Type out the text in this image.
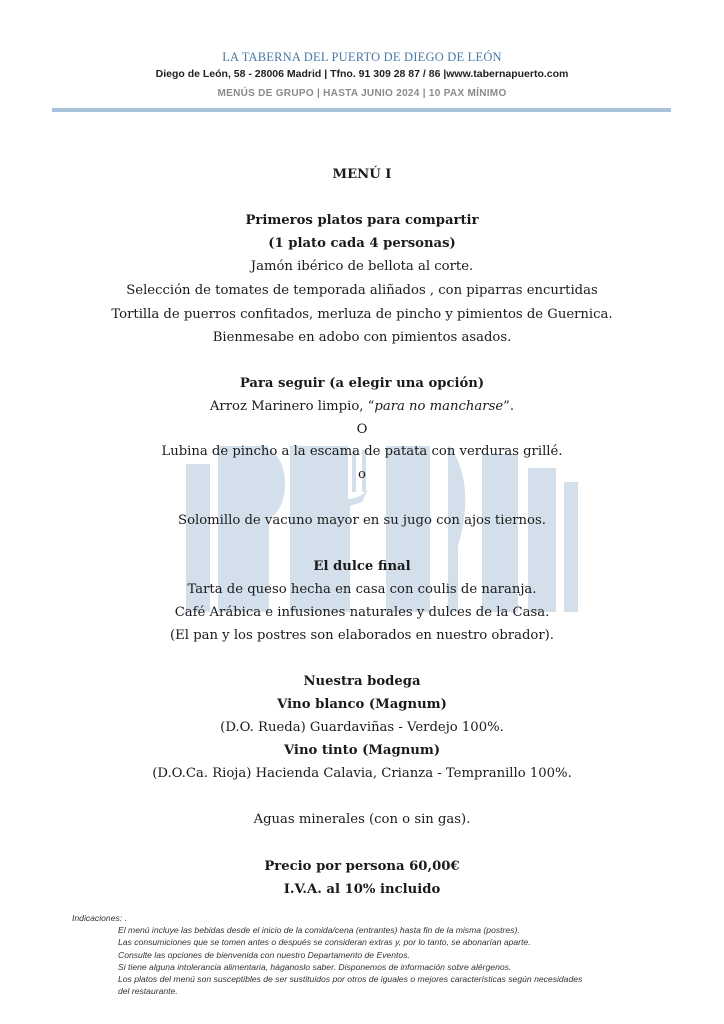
LA TABERNA DEL PUERTO DE DIEGO DE LEÓN
Diego de León, 58 - 28006 Madrid | Tfno. 91 309 28 87 / 86 |www.tabernapuerto.com
MENÚS DE GRUPO | HASTA JUNIO 2024 | 10 PAX MÍNIMO
MENÚ I
Primeros platos para compartir
(1 plato cada 4 personas)
Jamón ibérico de bellota al corte.
Selección de tomates de temporada aliñados , con piparras encurtidas
Tortilla de puerros confitados, merluza de pincho y pimientos de Guernica.
Bienmesabe en adobo con pimientos asados.
Para seguir (a elegir una opción)
Arroz Marinero limpio, “para no mancharse”.
O
Lubina de pincho a la escama de patata con verduras grillé.
o
Solomillo de vacuno mayor en su jugo con ajos tiernos.
El dulce final
Tarta de queso hecha en casa con coulis de naranja.
Café Arábica e infusiones naturales y dulces de la Casa.
(El pan y los postres son elaborados en nuestro obrador).
Nuestra bodega
Vino blanco (Magnum)
(D.O. Rueda) Guardaviñas - Verdejo 100%.
Vino tinto (Magnum)
(D.O.Ca. Rioja) Hacienda Calavia, Crianza - Tempranillo 100%.
Aguas minerales (con o sin gas).
Precio por persona 60,00€
I.V.A. al 10% incluido
Indicaciones: .
El menú incluye las bebidas desde el inicio de la comida/cena (entrantes) hasta fin de la misma (postres).
Las consumiciones que se tomen antes o después se consideran extras y, por lo tanto, se abonarían aparte.
Consulte las opciones de bienvenida con nuestro Departamento de Eventos.
Si tiene alguna intolerancia alimentaria, háganoslo saber. Disponemos de información sobre alérgenos.
Los platos del menú son susceptibles de ser sustituidos por otros de iguales o mejores características según necesidades
del restaurante.
